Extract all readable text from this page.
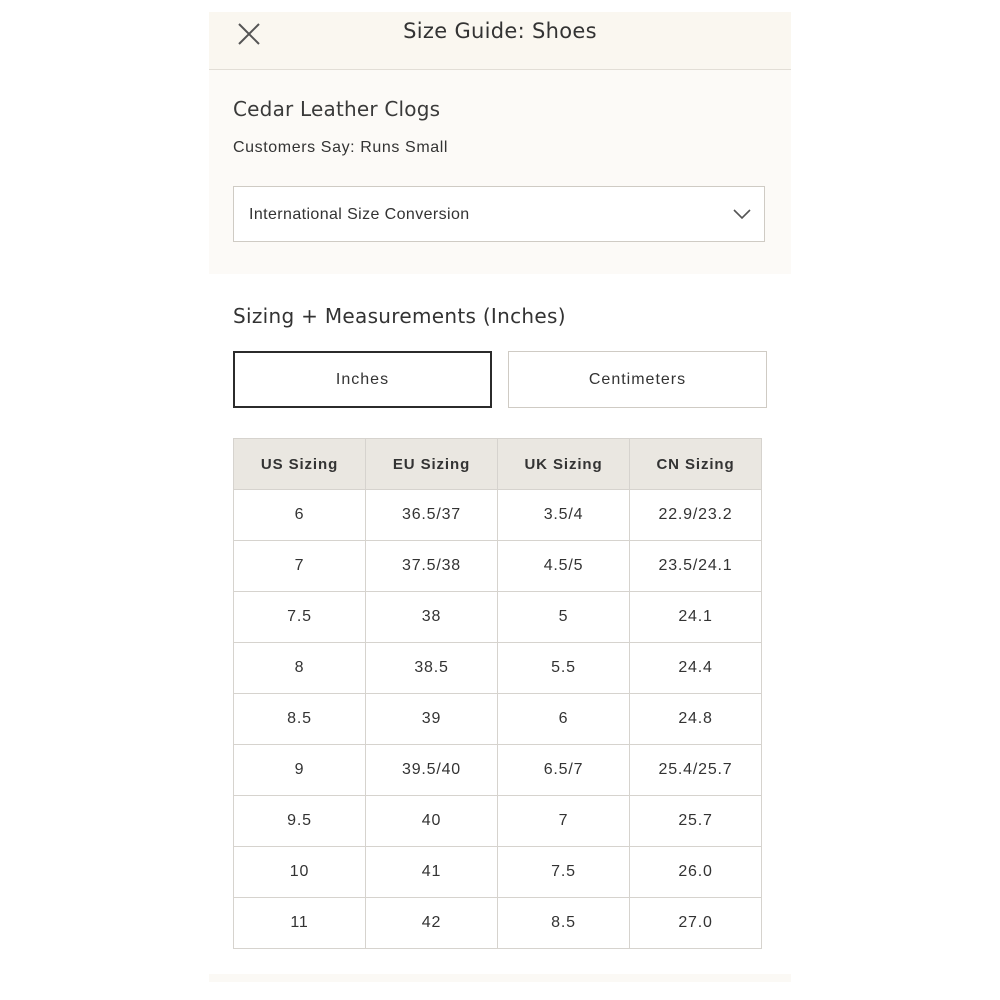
Size Guide: Shoes
Cedar Leather Clogs
Customers Say: Runs Small
International Size Conversion
Sizing + Measurements (Inches)
Inches	Centimeters
US Sizing	EU Sizing	UK Sizing	CN Sizing
6	36.5/37	3.5/4	22.9/23.2
7	37.5/38	4.5/5	23.5/24.1
7.5	38	5	24.1
8	38.5	5.5	24.4
8.5	39	6	24.8
9	39.5/40	6.5/7	25.4/25.7
9.5	40	7	25.7
10	41	7.5	26.0
11	42	8.5	27.0
